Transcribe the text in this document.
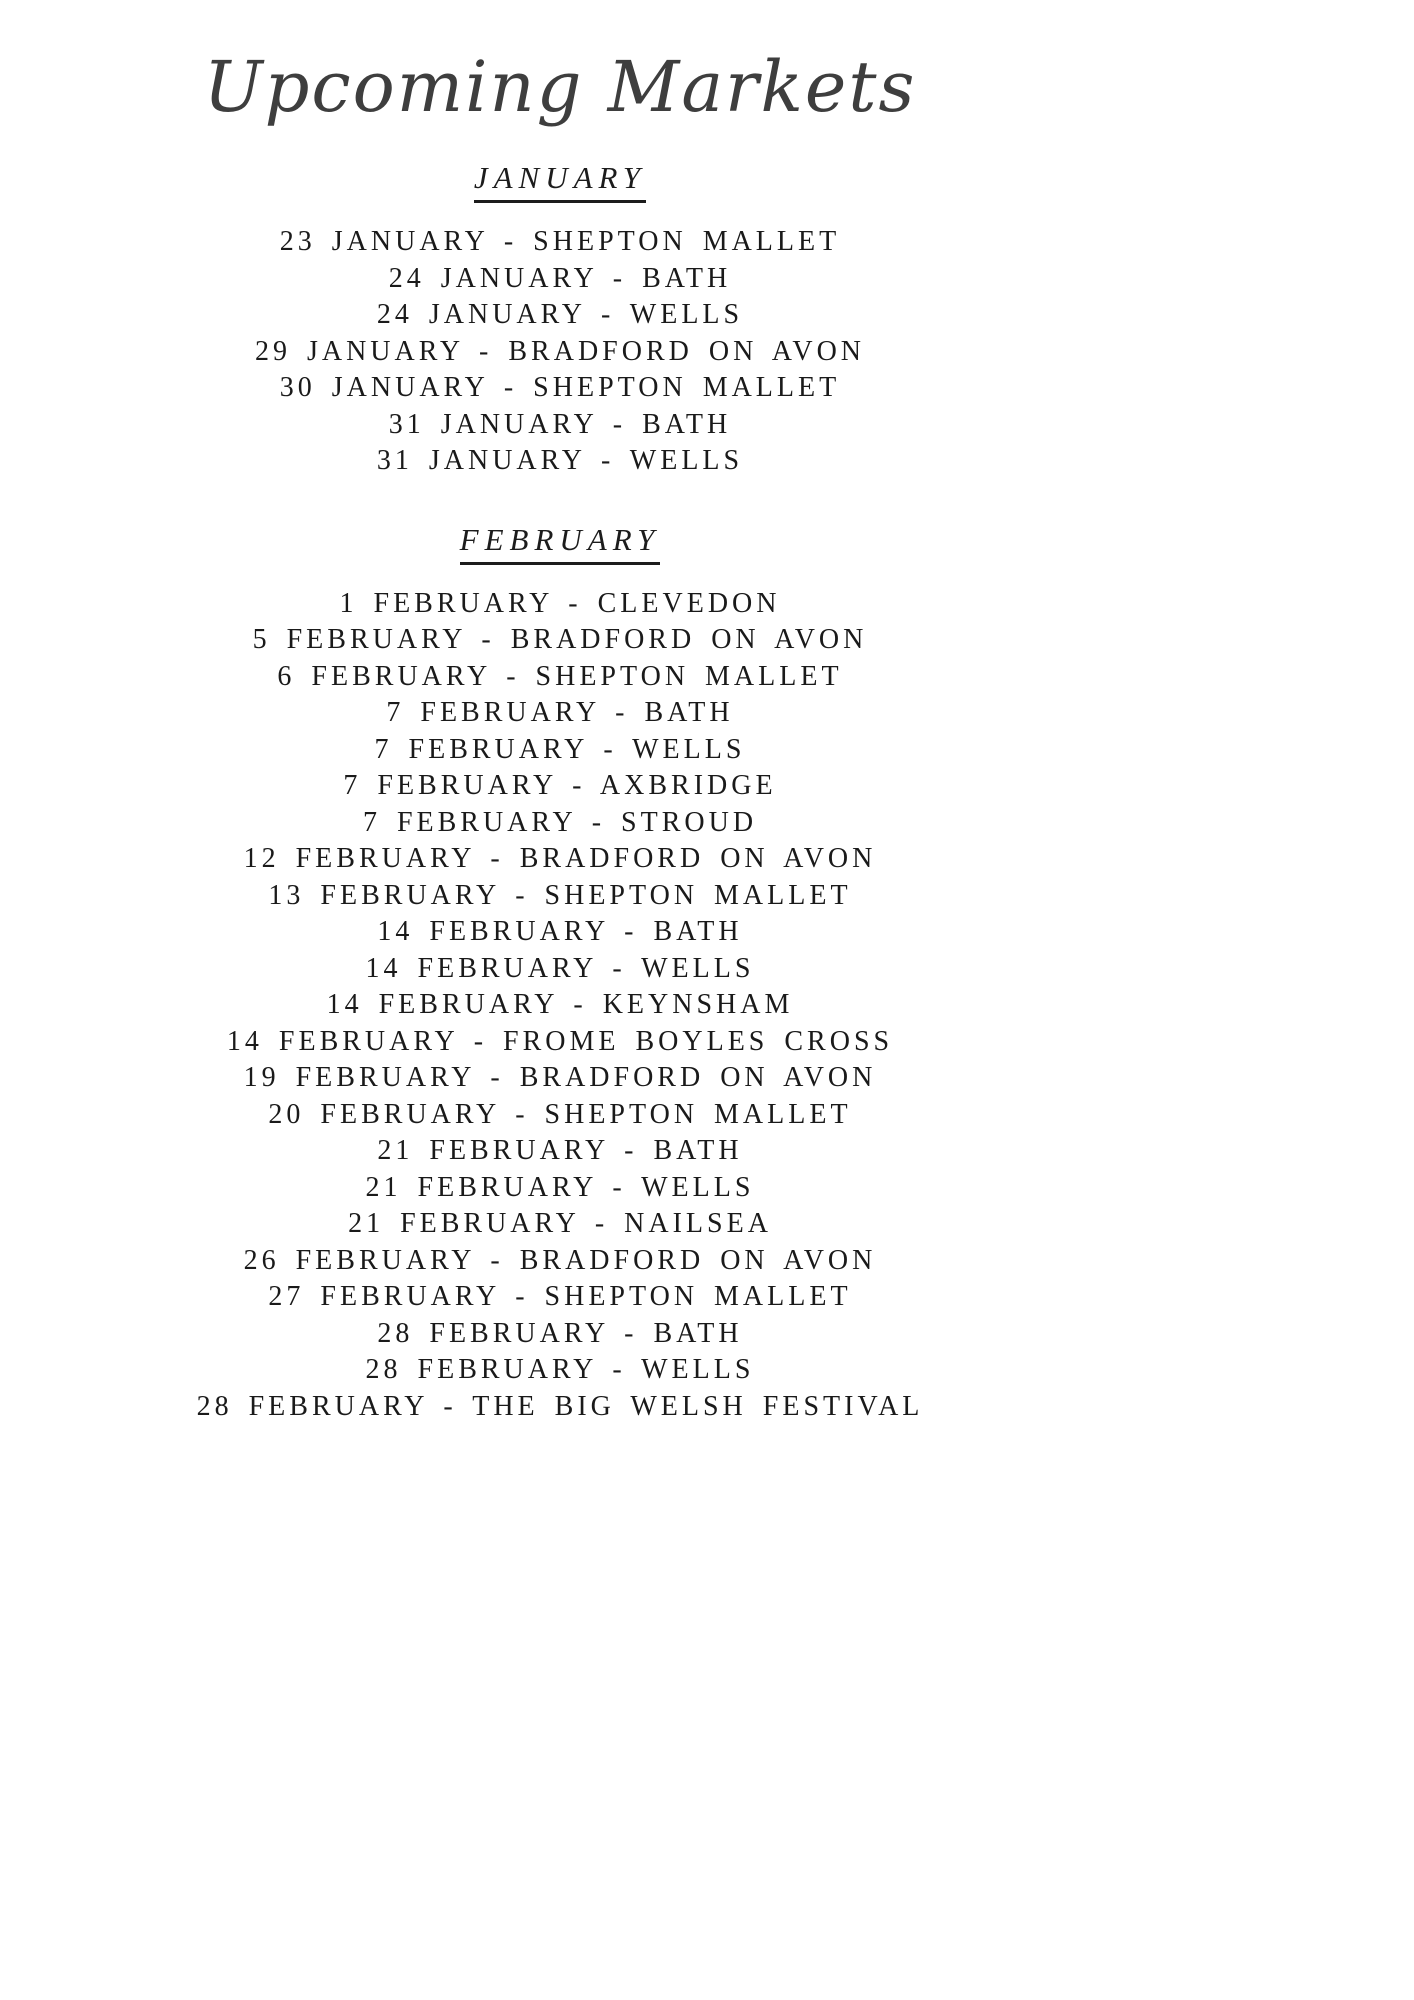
Upcoming Markets
JANUARY
23 JANUARY - SHEPTON MALLET
24 JANUARY - BATH
24 JANUARY - WELLS
29 JANUARY - BRADFORD ON AVON
30 JANUARY - SHEPTON MALLET
31 JANUARY - BATH
31 JANUARY - WELLS
FEBRUARY
1 FEBRUARY - CLEVEDON
5 FEBRUARY - BRADFORD ON AVON
6 FEBRUARY - SHEPTON MALLET
7 FEBRUARY - BATH
7 FEBRUARY - WELLS
7 FEBRUARY - AXBRIDGE
7 FEBRUARY - STROUD
12 FEBRUARY - BRADFORD ON AVON
13 FEBRUARY - SHEPTON MALLET
14 FEBRUARY - BATH
14 FEBRUARY - WELLS
14 FEBRUARY - KEYNSHAM
14 FEBRUARY - FROME BOYLES CROSS
19 FEBRUARY - BRADFORD ON AVON
20 FEBRUARY - SHEPTON MALLET
21 FEBRUARY - BATH
21 FEBRUARY - WELLS
21 FEBRUARY - NAILSEA
26 FEBRUARY - BRADFORD ON AVON
27 FEBRUARY - SHEPTON MALLET
28 FEBRUARY - BATH
28 FEBRUARY - WELLS
28 FEBRUARY - THE BIG WELSH FESTIVAL
